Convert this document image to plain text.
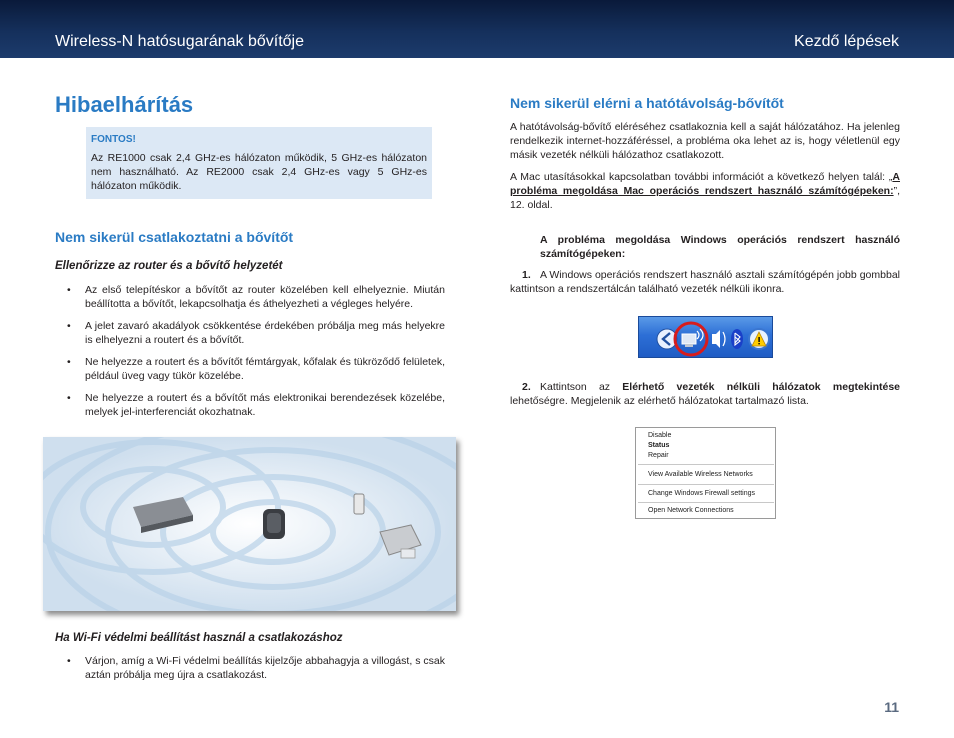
Wireless-N hatósugarának bővítője	Kezdő lépések
Hibaelhárítás
FONTOS!
Az RE1000 csak 2,4 GHz-es hálózaton működik, 5 GHz-es hálózaton nem használható. Az RE2000 csak 2,4 GHz-es vagy 5 GHz-es hálózaton működik.
Nem sikerül csatlakoztatni a bővítőt
Ellenőrizze az router és a bővítő helyzetét
• Az első telepítéskor a bővítőt az router közelében kell elhelyeznie. Miután beállította a bővítőt, lekapcsolhatja és áthelyezheti a végleges helyére.
• A jelet zavaró akadályok csökkentése érdekében próbálja meg más helyekre is elhelyezni a routert és a bővítőt.
• Ne helyezze a routert és a bővítőt fémtárgyak, kőfalak és tükröződő felületek, például üveg vagy tükör közelébe.
• Ne helyezze a routert és a bővítőt más elektronikai berendezések közelébe, melyek jel-interferenciát okozhatnak.
Ha Wi-Fi védelmi beállítást használ a csatlakozáshoz
• Várjon, amíg a Wi-Fi védelmi beállítás kijelzője abbahagyja a villogást, s csak aztán próbálja meg újra a csatlakozást.
Nem sikerül elérni a hatótávolság-bővítőt

A hatótávolság-bővítő eléréséhez csatlakoznia kell a saját hálózatához. Ha jelenleg rendelkezik internet-hozzáféréssel, a probléma oka lehet az is, hogy véletlenül egy másik vezeték nélküli hálózathoz csatlakozott.

A Mac utasításokkal kapcsolatban további információt a következő helyen talál: „A probléma megoldása Mac operációs rendszert használó számítógépeken:”, 12. oldal.

A probléma megoldása Windows operációs rendszert használó számítógépeken:
1. A Windows operációs rendszert használó asztali számítógépén jobb gombbal kattintson a rendszertálcán található vezeték nélküli ikonra.
2. Kattintson az Elérhető vezeték nélküli hálózatok megtekintése lehetőségre. Megjelenik az elérhető hálózatokat tartalmazó lista.
Disable
Status
Repair
View Available Wireless Networks
Change Windows Firewall settings
Open Network Connections
11
